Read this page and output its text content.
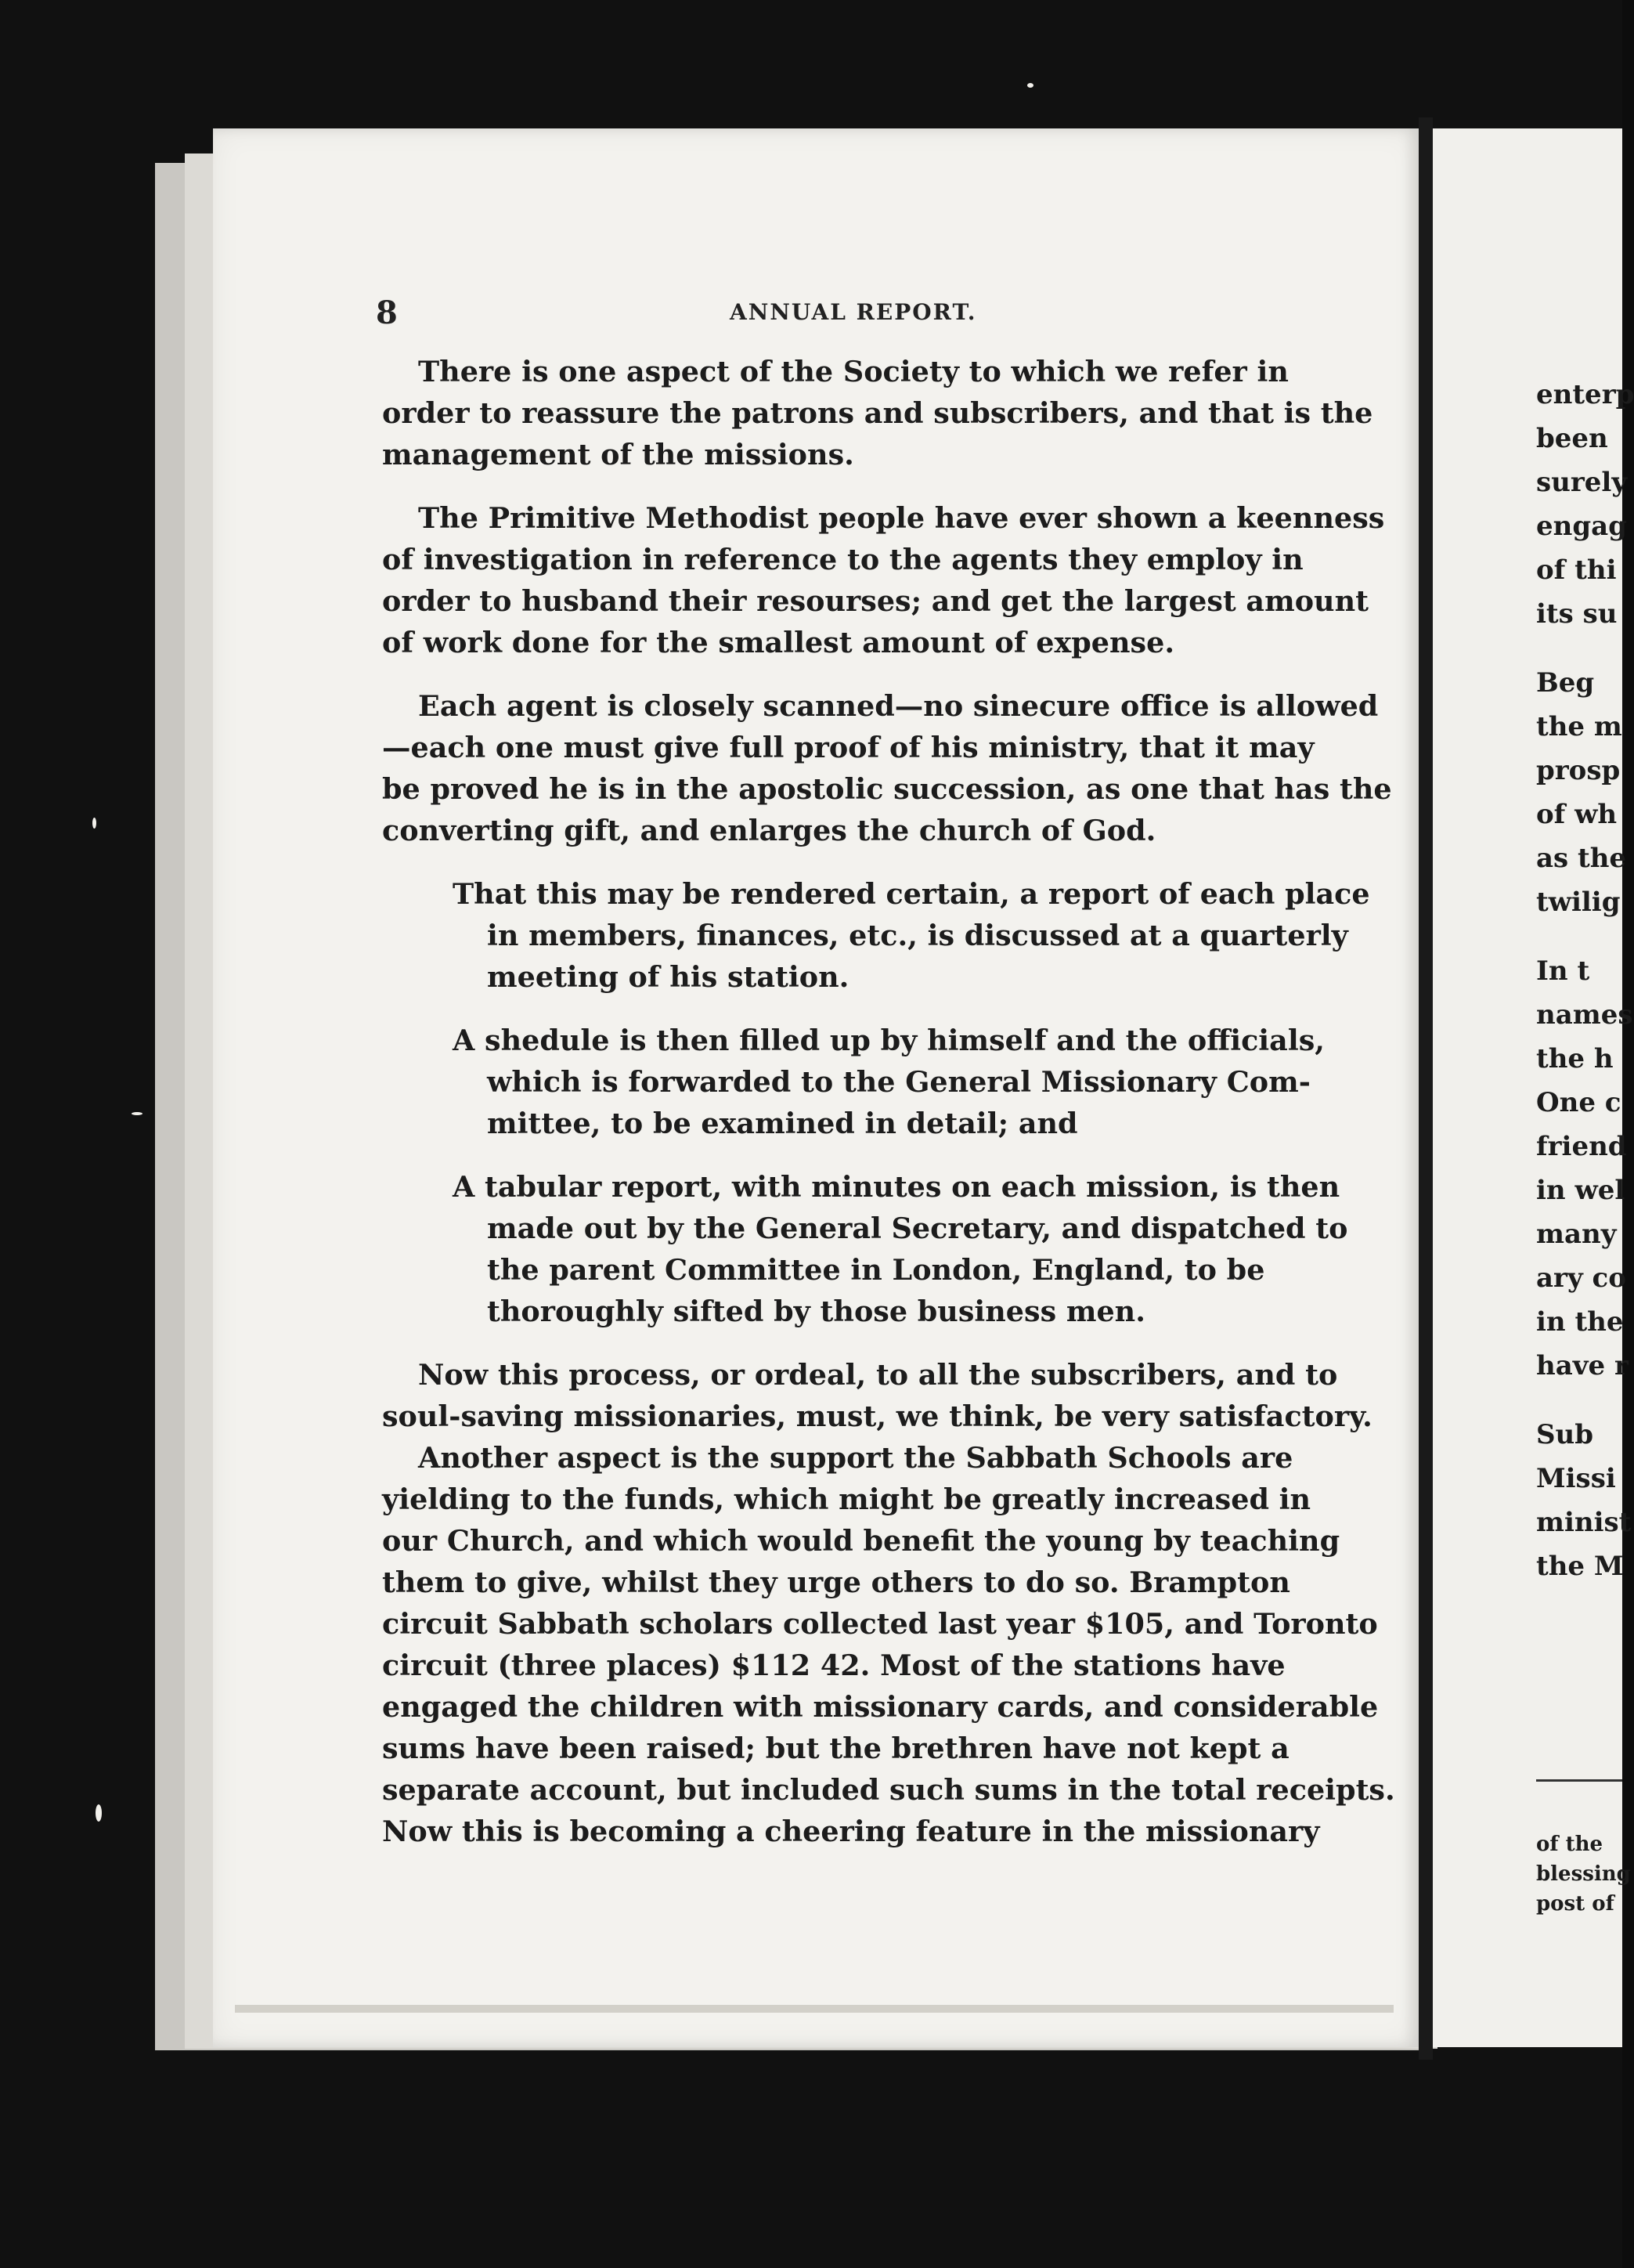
8	ANNUAL REPORT.
There is one aspect of the Society to which we refer in
order to reassure the patrons and subscribers, and that is the
management of the missions.
The Primitive Methodist people have ever shown a keenness
of investigation in reference to the agents they employ in
order to husband their resourses; and get the largest amount
of work done for the smallest amount of expense.
Each agent is closely scanned—no sinecure office is allowed
—each one must give full proof of his ministry, that it may
be proved he is in the apostolic succession, as one that has the
converting gift, and enlarges the church of God.
That this may be rendered certain, a report of each place
in members, finances, etc., is discussed at a quarterly
meeting of his station.
A shedule is then filled up by himself and the officials,
which is forwarded to the General Missionary Com-
mittee, to be examined in detail; and
A tabular report, with minutes on each mission, is then
made out by the General Secretary, and dispatched to
the parent Committee in London, England, to be
thoroughly sifted by those business men.
Now this process, or ordeal, to all the subscribers, and to
soul-saving missionaries, must, we think, be very satisfactory.
Another aspect is the support the Sabbath Schools are
yielding to the funds, which might be greatly increased in
our Church, and which would benefit the young by teaching
them to give, whilst they urge others to do so. Brampton
circuit Sabbath scholars collected last year $105, and Toronto
circuit (three places) $112 42. Most of the stations have
engaged the children with missionary cards, and considerable
sums have been raised; but the brethren have not kept a
separate account, but included such sums in the total receipts.
Now this is becoming a cheering feature in the missionary
enterp
been
surely
engag
of thi
its su
Beg
the m
prosp
of wh
as the
twilig
In t
names
the h
One c
friend
in wel
many
ary co
in the
have r
Sub
Missi
minist
the M
of the
blessing
post of
